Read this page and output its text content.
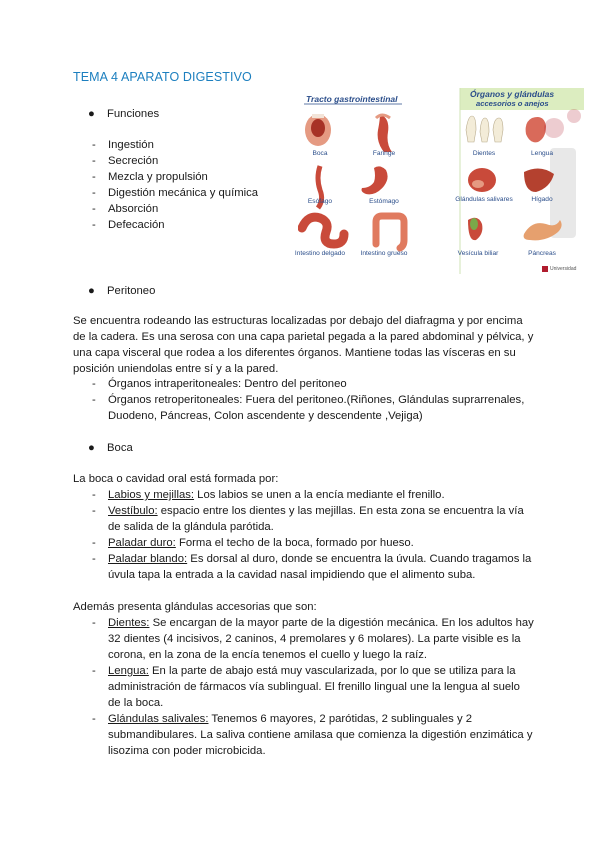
TEMA 4 APARATO DIGESTIVO
● Funciones
- Ingestión
- Secreción
- Mezcla y propulsión
- Digestión mecánica y química
- Absorción
- Defecación
Tracto gastrointestinal	Órganos y glándulas
accesorios o anejos
Boca	Faringe
Esófago	Estómago
Intestino delgado	Intestino grueso
Dientes	Lengua
Glándulas salivares	Hígado
Vesícula biliar	Páncreas
Universidad
● Peritoneo
Se encuentra rodeando las estructuras localizadas por debajo del diafragma y por encima
de la cadera. Es una serosa con una capa parietal pegada a la pared abdominal y pélvica, y
una capa visceral que rodea a los diferentes órganos. Mantiene todas las vísceras en su
posición uniendolas entre sí y a la pared.
- Órganos intraperitoneales: Dentro del peritoneo
- Órganos retroperitoneales: Fuera del peritoneo.(Riñones, Glándulas suprarrenales,
Duodeno, Páncreas, Colon ascendente y descendente ,Vejiga)
● Boca
La boca o cavidad oral está formada por:
- Labios y mejillas: Los labios se unen a la encía mediante el frenillo.
- Vestíbulo: espacio entre los dientes y las mejillas. En esta zona se encuentra la vía
de salida de la glándula parótida.
- Paladar duro: Forma el techo de la boca, formado por hueso.
- Paladar blando: Es dorsal al duro, donde se encuentra la úvula. Cuando tragamos la
úvula tapa la entrada a la cavidad nasal impidiendo que el alimento suba.
Además presenta glándulas accesorias que son:
- Dientes: Se encargan de la mayor parte de la digestión mecánica. En los adultos hay
32 dientes (4 incisivos, 2 caninos, 4 premolares y 6 molares). La parte visible es la
corona, en la zona de la encía tenemos el cuello y luego la raíz.
- Lengua: En la parte de abajo está muy vascularizada, por lo que se utiliza para la
administración de fármacos vía sublingual. El frenillo lingual une la lengua al suelo
de la boca.
- Glándulas salivales: Tenemos 6 mayores, 2 parótidas, 2 sublinguales y 2
submandibulares. La saliva contiene amilasa que comienza la digestión enzimática y
lisozima con poder microbicida.
